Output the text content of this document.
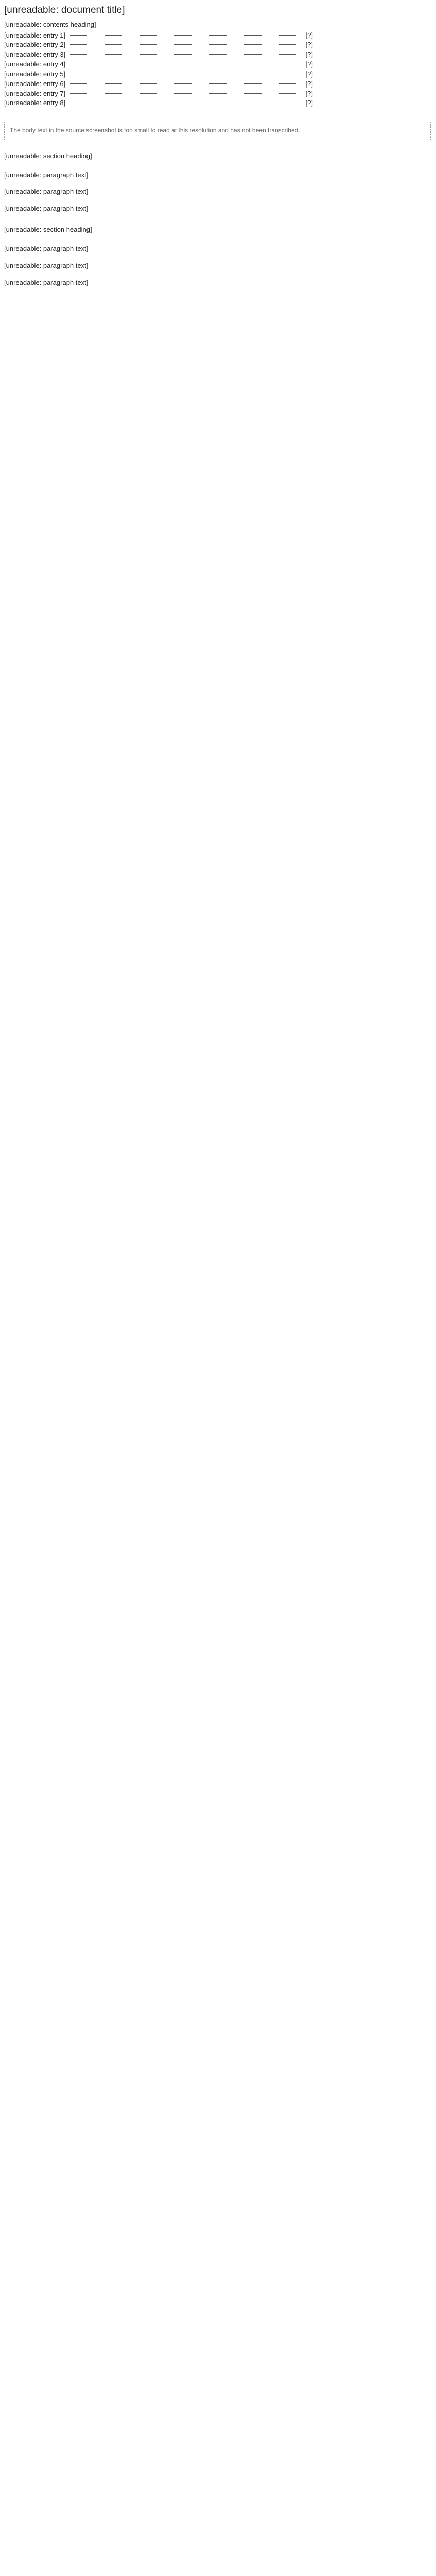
[unreadable: document title]
[unreadable: contents heading]
[unreadable: entry 1]	[?]
[unreadable: entry 2]	[?]
[unreadable: entry 3]	[?]
[unreadable: entry 4]	[?]
[unreadable: entry 5]	[?]
[unreadable: entry 6]	[?]
[unreadable: entry 7]	[?]
[unreadable: entry 8]	[?]
The body text in the source screenshot is too small to read at this resolution and has not been transcribed.
[unreadable: section heading]

[unreadable: paragraph text]

[unreadable: paragraph text]

[unreadable: paragraph text]

[unreadable: section heading]

[unreadable: paragraph text]

[unreadable: paragraph text]

[unreadable: paragraph text]
